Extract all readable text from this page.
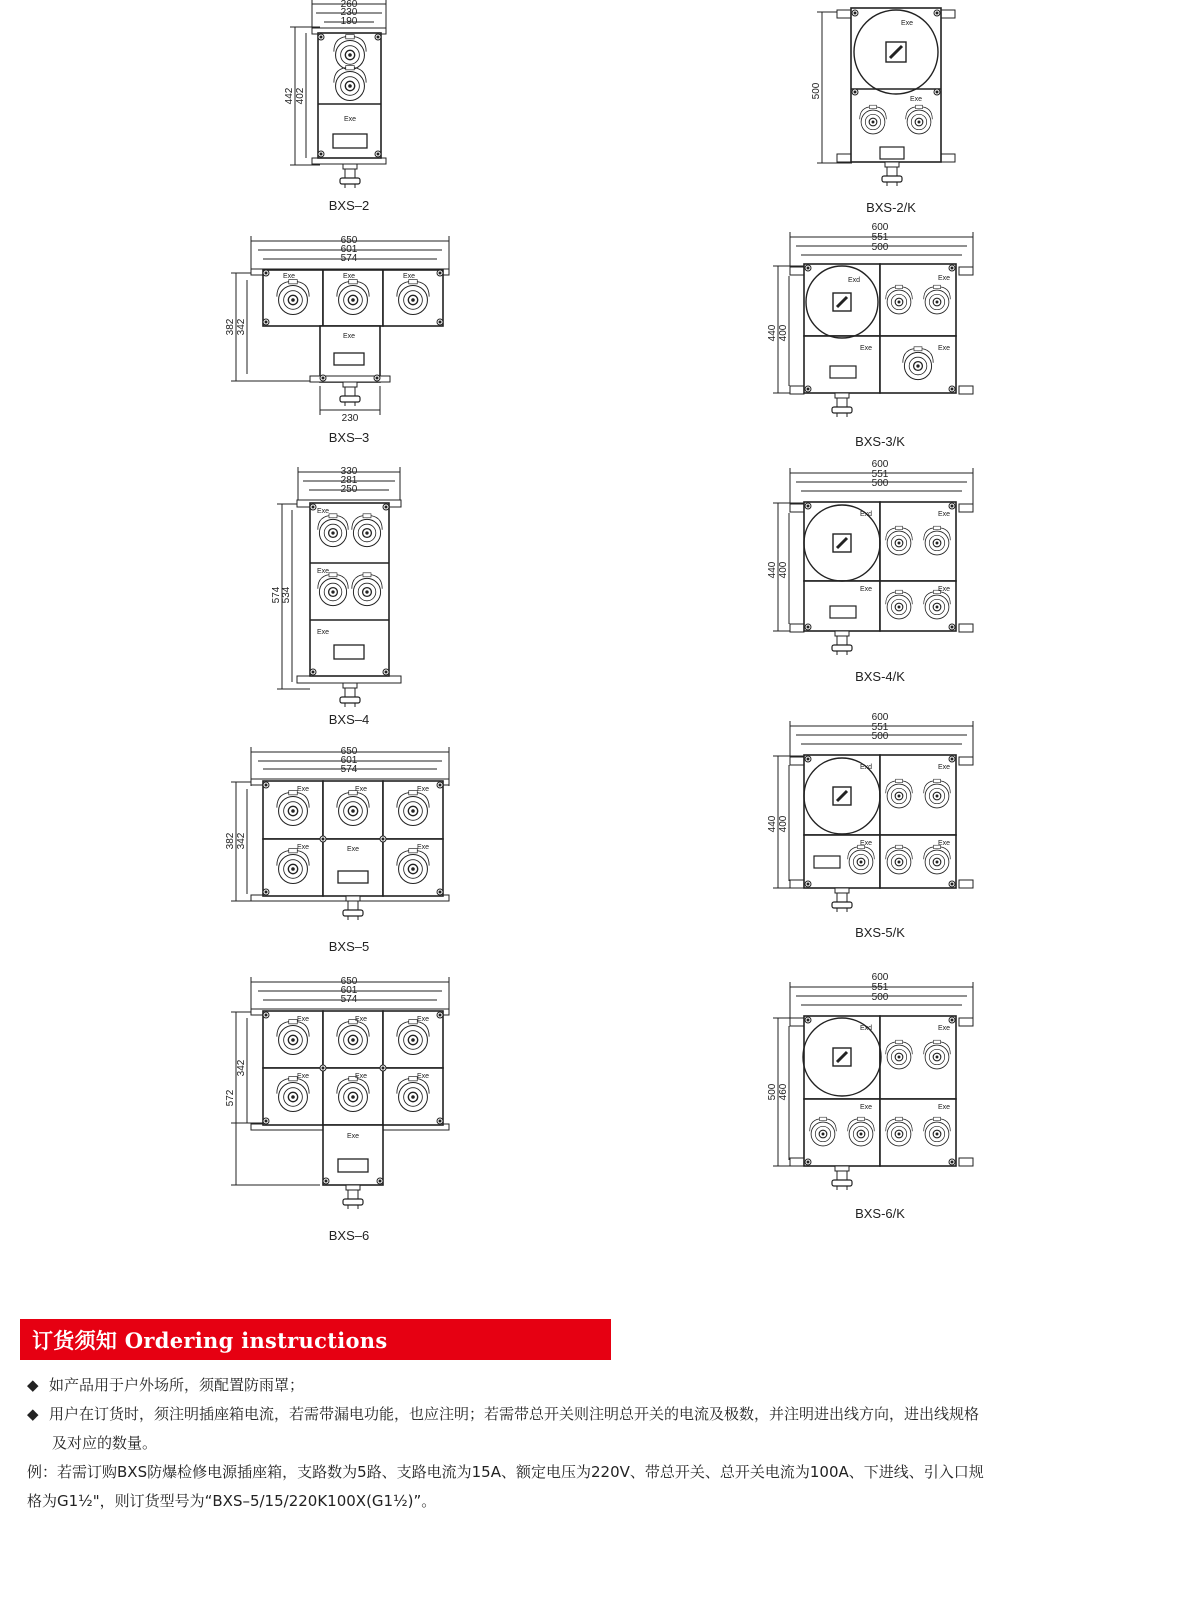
260
230
190
442 402
Exe
BXS–2
500
Exe
Exe
BXS-2/K
650
601
574
382 342
230
Exe	Exe	Exe
Exe
BXS–3
600
551
500
440 400
Exd	Exe
Exe	Exe
BXS-3/K
330
281
250
574 534
Exe
Exe
Exe
BXS–4
600
551
500
440 400
Exd	Exe
Exe	Exe
BXS-4/K
650
601
574
382 342
Exe	Exe	Exe
Exe	Exe	Exe
BXS–5
600
551
500
440 400
Exd	Exe
Exe	Exe
BXS-5/K
650
601
574
572
342
Exe	Exe	Exe
Exe	Exe	Exe
Exe
BXS–6
600
551
500
500 460
Exd	Exe
Exe	Exe
BXS-6/K
订货须知 Ordering instructions

◆ 如产品用于户外场所，须配置防雨罩；

◆ 用户在订货时，须注明插座箱电流，若需带漏电功能，也应注明；若需带总开关则注明总开关的电流及极数，并注明进出线方向，进出线规格

及对应的数量。

例：若需订购BXS防爆检修电源插座箱，支路数为5路、支路电流为15A、额定电压为220V、带总开关、总开关电流为100A、下进线、引入口规

格为G1½"，则订货型号为“BXS–5/15/220K100X(G1½)”。
